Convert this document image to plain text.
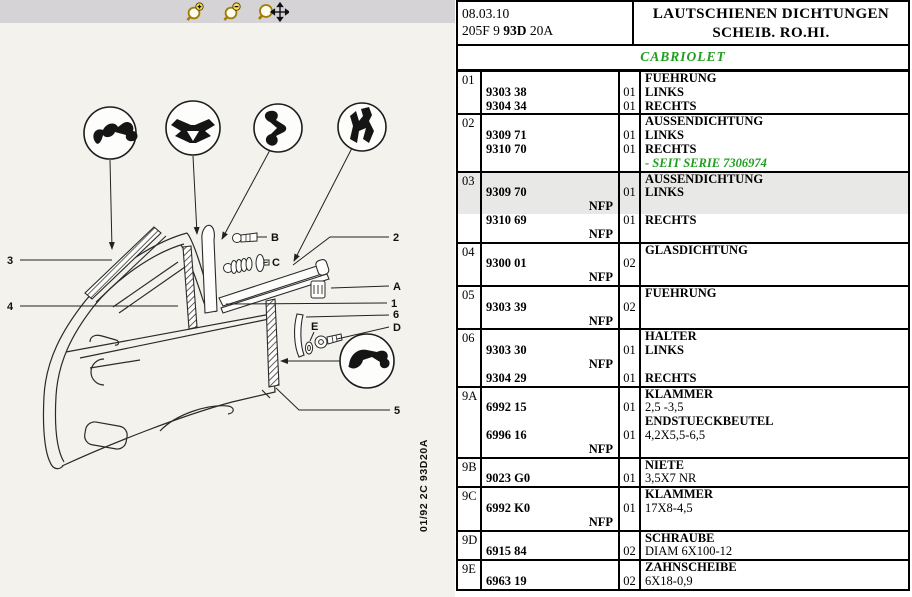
3
4
2
A
1
6
D
E
B
C
5
01/92 2C 93D20A
08.03.10
205F 9 93D 20A
LAUTSCHIENEN DICHTUNGEN
SCHEIB. RO.HI.
CABRIOLET
01	FUEHRUNG
9303 38	01 LINKS
9304 34	01 RECHTS
02	AUSSENDICHTUNG
9309 71	01 LINKS
9310 70	01 RECHTS
- SEIT SERIE 7306974
03	AUSSENDICHTUNG
9309 70	01 LINKS
NFP
9310 69	01 RECHTS
NFP
04	GLASDICHTUNG
9300 01	02
NFP
05	FUEHRUNG
9303 39	02
NFP
06	HALTER
9303 30	01 LINKS
NFP
9304 29	01 RECHTS
9A	KLAMMER
6992 15	01 2,5 -3,5
ENDSTUECKBEUTEL
6996 16	01 4,2X5,5-6,5
NFP
9B	NIETE
9023 G0	01 3,5X7 NR
9C	KLAMMER
6992 K0	01 17X8-4,5
NFP
9D	SCHRAUBE
6915 84	02 DIAM 6X100-12
9E	ZAHNSCHEIBE
6963 19	02 6X18-0,9
